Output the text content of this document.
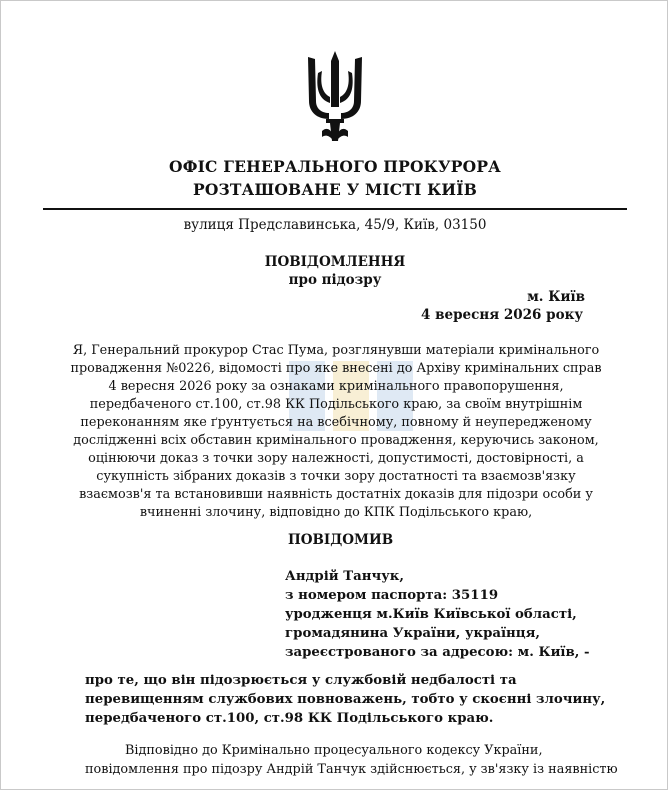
ОФІС ГЕНЕРАЛЬНОГО ПРОКУРОРА
РОЗТАШОВАНЕ У МІСТІ КИЇВ
вулиця Предславинська, 45/9, Київ, 03150
ПОВІДОМЛЕННЯ
про підозру
м. Київ
4 вересня 2026 року
Я, Генеральний прокурор Стас Пума, розглянувши матеріали кримінального
провадження №0226, відомості про яке внесені до Архіву кримінальних справ
4 вересня 2026 року за ознаками кримінального правопорушення,
передбаченого ст.100, ст.98 КК Подільського краю, за своїм внутрішнім
переконанням яке ґрунтується на всебічному, повному й неупередженому
дослідженні всіх обставин кримінального провадження, керуючись законом,
оцінюючи доказ з точки зору належності, допустимості, достовірності, а
сукупність зібраних доказів з точки зору достатності та взаємозв'язку
взаємозв'я та встановивши наявність достатніх доказів для підозри особи у
вчиненні злочину, відповідно до КПК Подільського краю,
ПОВІДОМИВ
Андрій Танчук,
з номером паспорта: 35119
уродженця м.Київ Київської області,
громадянина України, українця,
зареєстрованого за адресою: м. Київ, -
про те, що він підозрюється у службовій недбалості та
перевищенням службових повноважень, тобто у скоєнні злочину,
передбаченого ст.100, ст.98 КК Подільського краю.
Відповідно до Кримінально процесуального кодексу України,
повідомлення про підозру Андрій Танчук здійснюється, у зв'язку із наявністю
